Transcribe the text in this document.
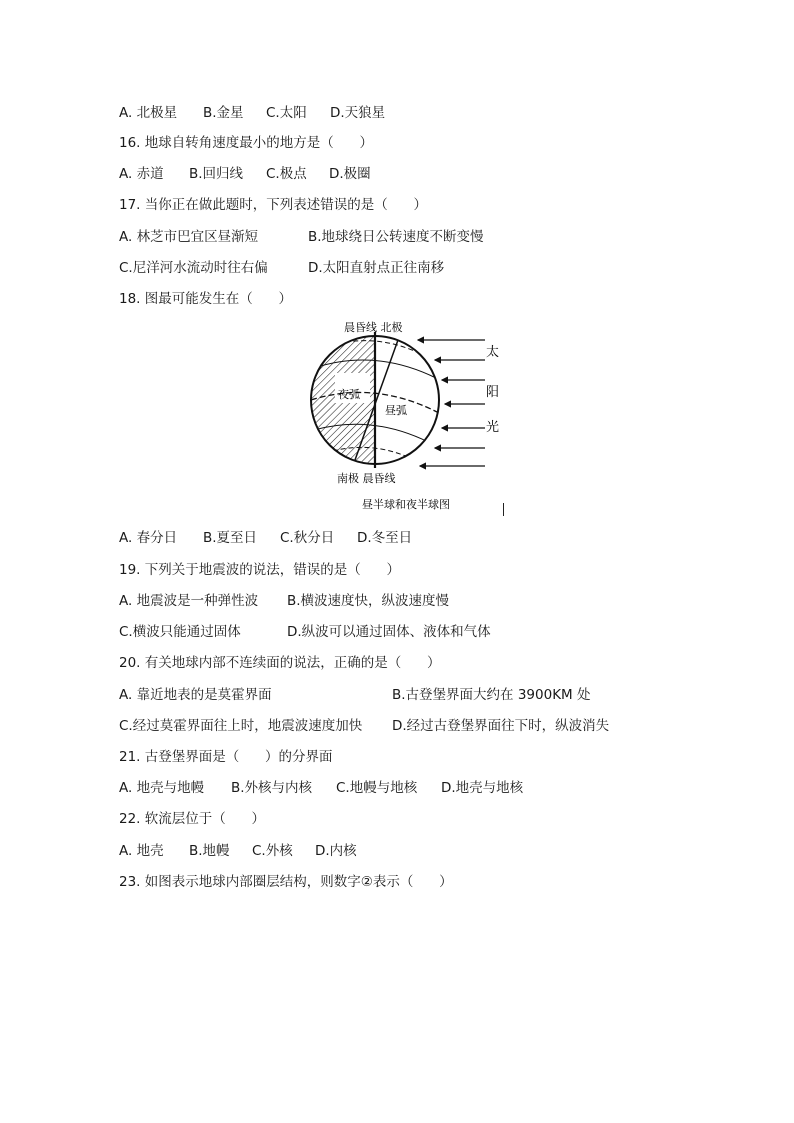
A. 北极星 B.金星 C.太阳 D.天狼星
16. 地球自转角速度最小的地方是（      ）
A. 赤道 B.回归线 C.极点 D.极圈
17. 当你正在做此题时，下列表述错误的是（      ）
A. 林芝市巴宜区昼渐短	B.地球绕日公转速度不断变慢
C.尼洋河水流动时往右偏	D.太阳直射点正往南移
18. 图最可能发生在（      ）
晨昏线 北极
南极 晨昏线
夜弧
昼弧
太
阳
光
昼半球和夜半球图
A. 春分日 B.夏至日 C.秋分日 D.冬至日
19. 下列关于地震波的说法，错误的是（      ）
A. 地震波是一种弹性波 B.横波速度快，纵波速度慢
C.横波只能通过固体	D.纵波可以通过固体、液体和气体
20. 有关地球内部不连续面的说法，正确的是（      ）
A. 靠近地表的是莫霍界面	B.古登堡界面大约在 3900KM 处
C.经过莫霍界面往上时，地震波速度加快 D.经过古登堡界面往下时，纵波消失
21. 古登堡界面是（      ）的分界面
A. 地壳与地幔 B.外核与内核 C.地幔与地核 D.地壳与地核
22. 软流层位于（      ）
A. 地壳 B.地幔 C.外核 D.内核
23. 如图表示地球内部圈层结构，则数字②表示（      ）
